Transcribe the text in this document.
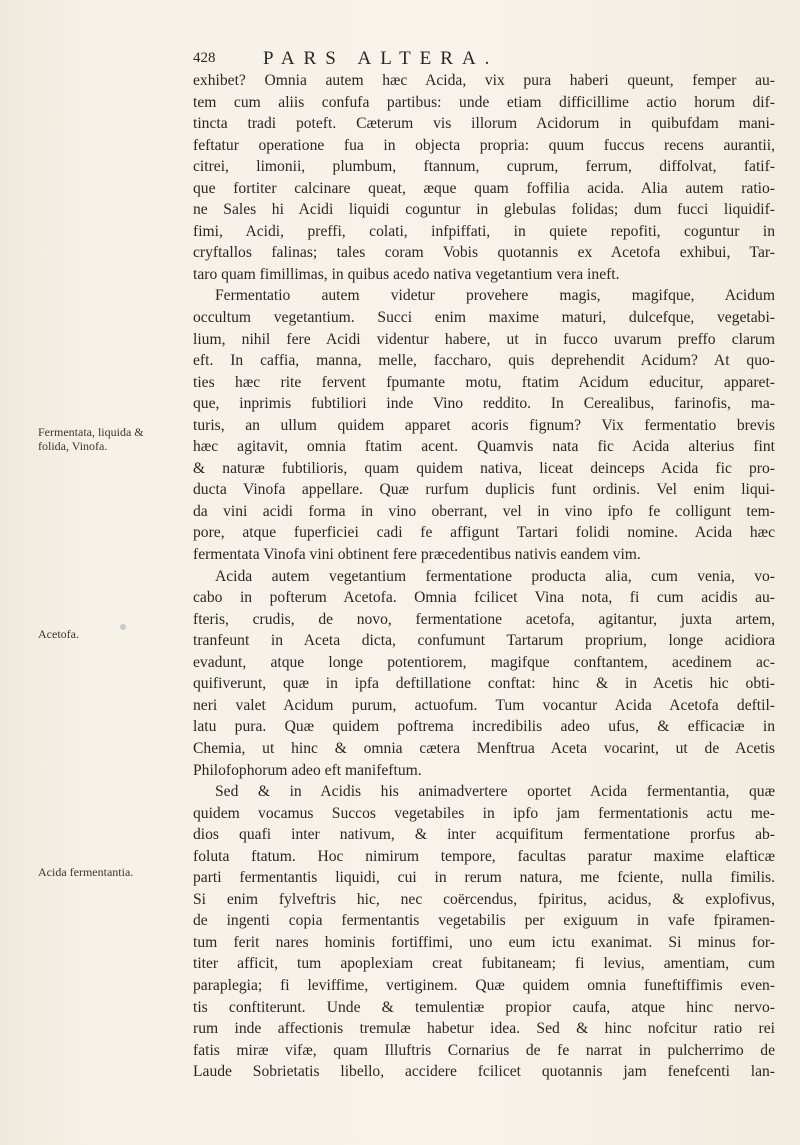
428	PARS ALTERA.
Fermentata, liquida & folida, Vinofa.
Acetofa.
Acida fermentantia.

exhibet? Omnia autem hæc Acida, vix pura haberi queunt, femper au-
tem cum aliis confufa partibus: unde etiam difficillime actio horum dif-
tincta tradi poteft. Cæterum vis illorum Acidorum in quibufdam mani-
feftatur operatione fua in objecta propria: quum fuccus recens aurantii,
citrei, limonii, plumbum, ftannum, cuprum, ferrum, diffolvat, fatif-
que fortiter calcinare queat, æque quam foffilia acida. Alia autem ratio-
ne Sales hi Acidi liquidi coguntur in glebulas folidas; dum fucci liquidif-
fimi, Acidi, preffi, colati, infpiffati, in quiete repofiti, coguntur in
cryftallos falinas; tales coram Vobis quotannis ex Acetofa exhibui, Tar-
taro quam fimillimas, in quibus acedo nativa vegetantium vera ineft.

Fermentatio autem videtur provehere magis, magifque, Acidum
occultum vegetantium. Succi enim maxime maturi, dulcefque, vegetabi-
lium, nihil fere Acidi videntur habere, ut in fucco uvarum preffo clarum
eft. In caffia, manna, melle, faccharo, quis deprehendit Acidum? At quo-
ties hæc rite fervent fpumante motu, ftatim Acidum educitur, apparet-
que, inprimis fubtiliori inde Vino reddito. In Cerealibus, farinofis, ma-
turis, an ullum quidem apparet acoris fignum? Vix fermentatio brevis
hæc agitavit, omnia ftatim acent. Quamvis nata fic Acida alterius fint
& naturæ fubtilioris, quam quidem nativa, liceat deinceps Acida fic pro-
ducta Vinofa appellare. Quæ rurfum duplicis funt ordinis. Vel enim liqui-
da vini acidi forma in vino oberrant, vel in vino ipfo fe colligunt tem-
pore, atque fuperficiei cadi fe affigunt Tartari folidi nomine. Acida hæc
fermentata Vinofa vini obtinent fere præcedentibus nativis eandem vim.

Acida autem vegetantium fermentatione producta alia, cum venia, vo-
cabo in pofterum Acetofa. Omnia fcilicet Vina nota, fi cum acidis au-
fteris, crudis, de novo, fermentatione acetofa, agitantur, juxta artem,
tranfeunt in Aceta dicta, confumunt Tartarum proprium, longe acidiora
evadunt, atque longe potentiorem, magifque conftantem, acedinem ac-
quifiverunt, quæ in ipfa deftillatione conftat: hinc & in Acetis hic obti-
neri valet Acidum purum, actuofum. Tum vocantur Acida Acetofa deftil-
latu pura. Quæ quidem poftrema incredibilis adeo ufus, & efficaciæ in
Chemia, ut hinc & omnia cætera Menftrua Aceta vocarint, ut de Acetis
Philofophorum adeo eft manifeftum.

Sed & in Acidis his animadvertere oportet Acida fermentantia, quæ
quidem vocamus Succos vegetabiles in ipfo jam fermentationis actu me-
dios quafi inter nativum, & inter acquifitum fermentatione prorfus ab-
foluta ftatum. Hoc nimirum tempore, facultas paratur maxime elafticæ
parti fermentantis liquidi, cui in rerum natura, me fciente, nulla fimilis.
Si enim fylveftris hic, nec coërcendus, fpiritus, acidus, & explofivus,
de ingenti copia fermentantis vegetabilis per exiguum in vafe fpiramen-
tum ferit nares hominis fortiffimi, uno eum ictu exanimat. Si minus for-
titer afficit, tum apoplexiam creat fubitaneam; fi levius, amentiam, cum
paraplegia; fi leviffime, vertiginem. Quæ quidem omnia funeftiffimis even-
tis conftiterunt. Unde & temulentiæ propior caufa, atque hinc nervo-
rum inde affectionis tremulæ habetur idea. Sed & hinc nofcitur ratio rei
fatis miræ vifæ, quam Illuftris Cornarius de fe narrat in pulcherrimo de
Laude Sobrietatis libello, accidere fcilicet quotannis jam fenefcenti lan-
